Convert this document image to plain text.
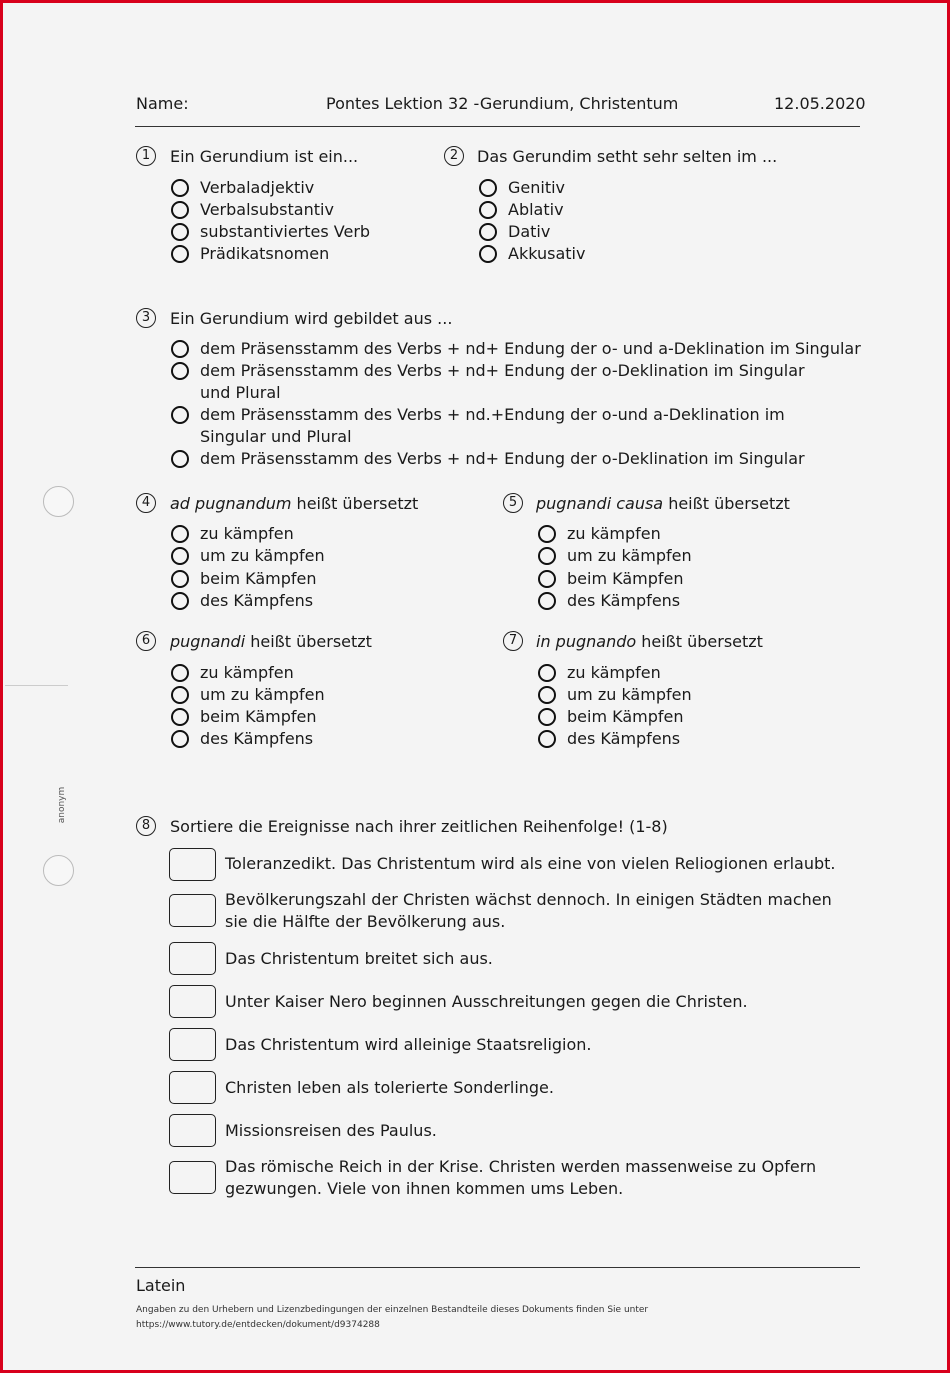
Name:	Pontes Lektion 32 -Gerundium, Christentum	12.05.2020
anonym
1	Ein Gerundium ist ein...
Verbaladjektiv
Verbalsubstantiv
substantiviertes Verb
Prädikatsnomen
2	Das Gerundim setht sehr selten im ...
Genitiv
Ablativ
Dativ
Akkusativ
3	Ein Gerundium wird gebildet aus ...
dem Präsensstamm des Verbs + nd+ Endung der o- und a-Deklination im Singular
dem Präsensstamm des Verbs + nd+ Endung der o-Deklination im Singular und Plural
dem Präsensstamm des Verbs + nd.+Endung der o-und a-Deklination im Singular und Plural
dem Präsensstamm des Verbs + nd+ Endung der o-Deklination im Singular
4	ad pugnandum heißt übersetzt
zu kämpfen
um zu kämpfen
beim Kämpfen
des Kämpfens
5	pugnandi causa heißt übersetzt
zu kämpfen
um zu kämpfen
beim Kämpfen
des Kämpfens
6	pugnandi heißt übersetzt
zu kämpfen
um zu kämpfen
beim Kämpfen
des Kämpfens
7	in pugnando heißt übersetzt
zu kämpfen
um zu kämpfen
beim Kämpfen
des Kämpfens
8	Sortiere die Ereignisse nach ihrer zeitlichen Reihenfolge! (1-8)
Toleranzedikt. Das Christentum wird als eine von vielen Reliogionen erlaubt.
Bevölkerungszahl der Christen wächst dennoch. In einigen Städten machen sie die Hälfte der Bevölkerung aus.
Das Christentum breitet sich aus.
Unter Kaiser Nero beginnen Ausschreitungen gegen die Christen.
Das Christentum wird alleinige Staatsreligion.
Christen leben als tolerierte Sonderlinge.
Missionsreisen des Paulus.
Das römische Reich in der Krise. Christen werden massenweise zu Opfern gezwungen. Viele von ihnen kommen ums Leben.
Latein
Angaben zu den Urhebern und Lizenzbedingungen der einzelnen Bestandteile dieses Dokuments finden Sie unter
https://www.tutory.de/entdecken/dokument/d9374288
